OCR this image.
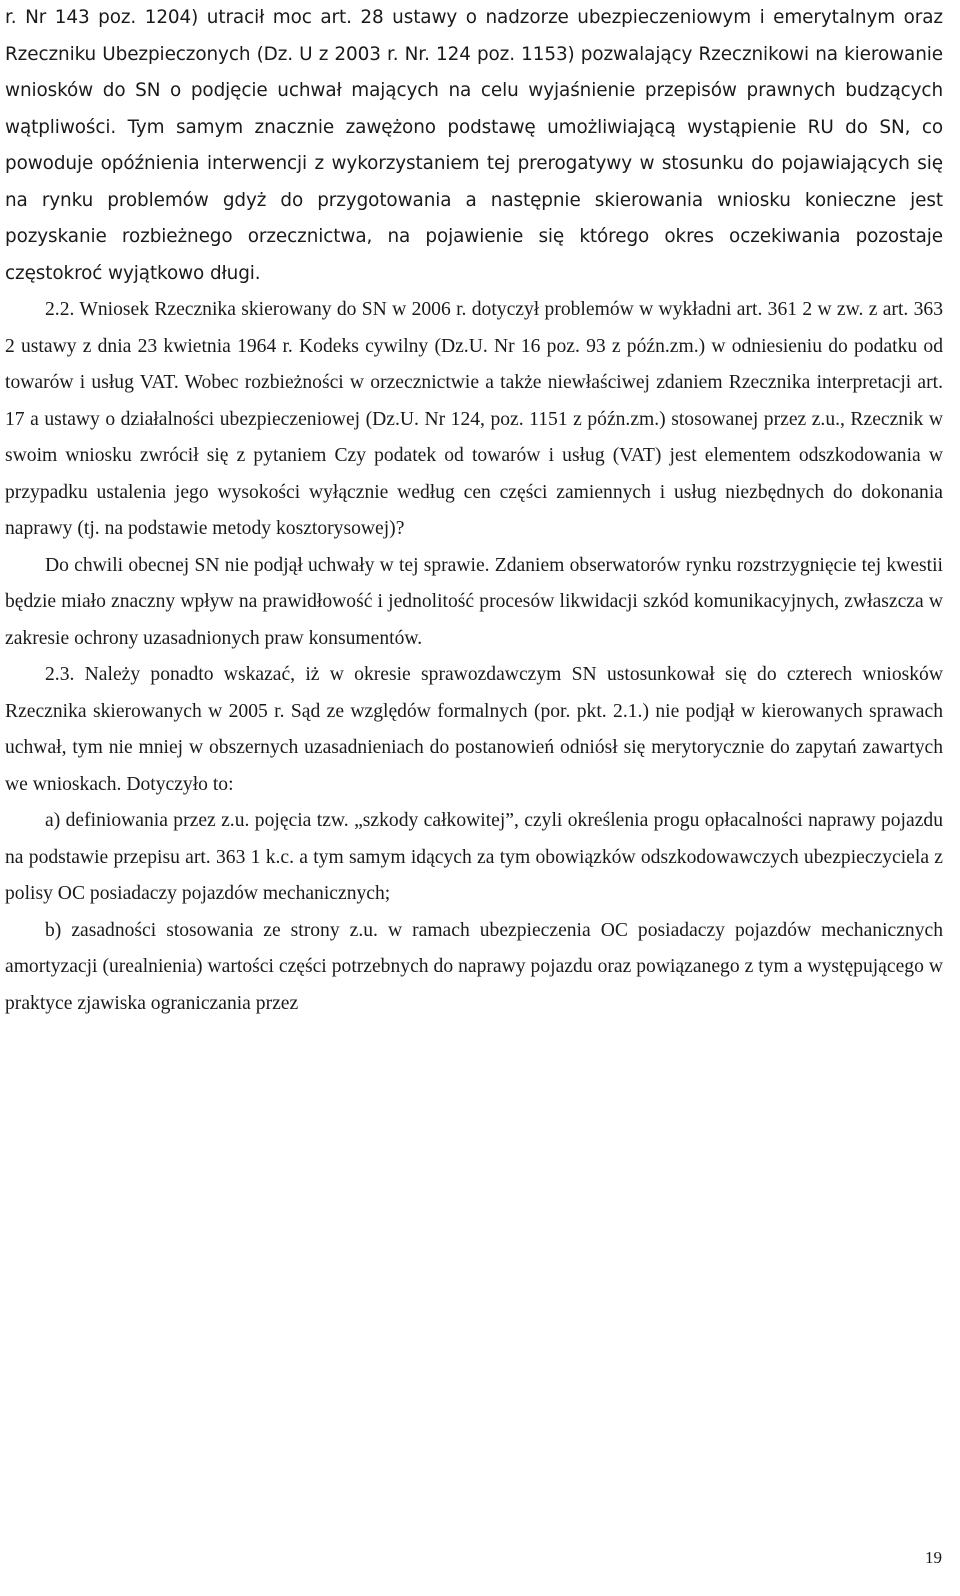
r. Nr 143 poz. 1204) utracił moc art. 28 ustawy o nadzorze ubezpieczeniowym i emerytalnym oraz Rzeczniku Ubezpieczonych (Dz. U z 2003 r. Nr. 124 poz. 1153) pozwalający Rzecznikowi na kierowanie wniosków do SN o podjęcie uchwał mających na celu wyjaśnienie przepisów prawnych budzących wątpliwości. Tym samym znacznie zawężono podstawę umożliwiającą wystąpienie RU do SN, co powoduje opóźnienia interwencji z wykorzystaniem tej prerogatywy w stosunku do pojawiających się na rynku problemów gdyż do przygotowania a następnie skierowania wniosku konieczne jest pozyskanie rozbieżnego orzecznictwa, na pojawienie się którego okres oczekiwania pozostaje częstokroć wyjątkowo długi.

2.2. Wniosek Rzecznika skierowany do SN w 2006 r. dotyczył problemów w wykładni art. 361 2 w zw. z art. 363 2 ustawy z dnia 23 kwietnia 1964 r. Kodeks cywilny (Dz.U. Nr 16 poz. 93 z późn.zm.) w odniesieniu do podatku od towarów i usług VAT. Wobec rozbieżności w orzecznictwie a także niewłaściwej zdaniem Rzecznika interpretacji art. 17 a ustawy o działalności ubezpieczeniowej (Dz.U. Nr 124, poz. 1151 z późn.zm.) stosowanej przez z.u., Rzecznik w swoim wniosku zwrócił się z pytaniem Czy podatek od towarów i usług (VAT) jest elementem odszkodowania w przypadku ustalenia jego wysokości wyłącznie według cen części zamiennych i usług niezbędnych do dokonania naprawy (tj. na podstawie metody kosztorysowej)?

Do chwili obecnej SN nie podjął uchwały w tej sprawie. Zdaniem obserwatorów rynku rozstrzygnięcie tej kwestii będzie miało znaczny wpływ na prawidłowość i jednolitość procesów likwidacji szkód komunikacyjnych, zwłaszcza w zakresie ochrony uzasadnionych praw konsumentów.

2.3. Należy ponadto wskazać, iż w okresie sprawozdawczym SN ustosunkował się do czterech wniosków Rzecznika skierowanych w 2005 r. Sąd ze względów formalnych (por. pkt. 2.1.) nie podjął w kierowanych sprawach uchwał, tym nie mniej w obszernych uzasadnieniach do postanowień odniósł się merytorycznie do zapytań zawartych we wnioskach. Dotyczyło to:

a) definiowania przez z.u. pojęcia tzw. „szkody całkowitej”, czyli określenia progu opłacalności naprawy pojazdu na podstawie przepisu art. 363 1 k.c. a tym samym idących za tym obowiązków odszkodowawczych ubezpieczyciela z polisy OC posiadaczy pojazdów mechanicznych;

b) zasadności stosowania ze strony z.u. w ramach ubezpieczenia OC posiadaczy pojazdów mechanicznych amortyzacji (urealnienia) wartości części potrzebnych do naprawy pojazdu oraz powiązanego z tym a występującego w praktyce zjawiska ograniczania przez

19
